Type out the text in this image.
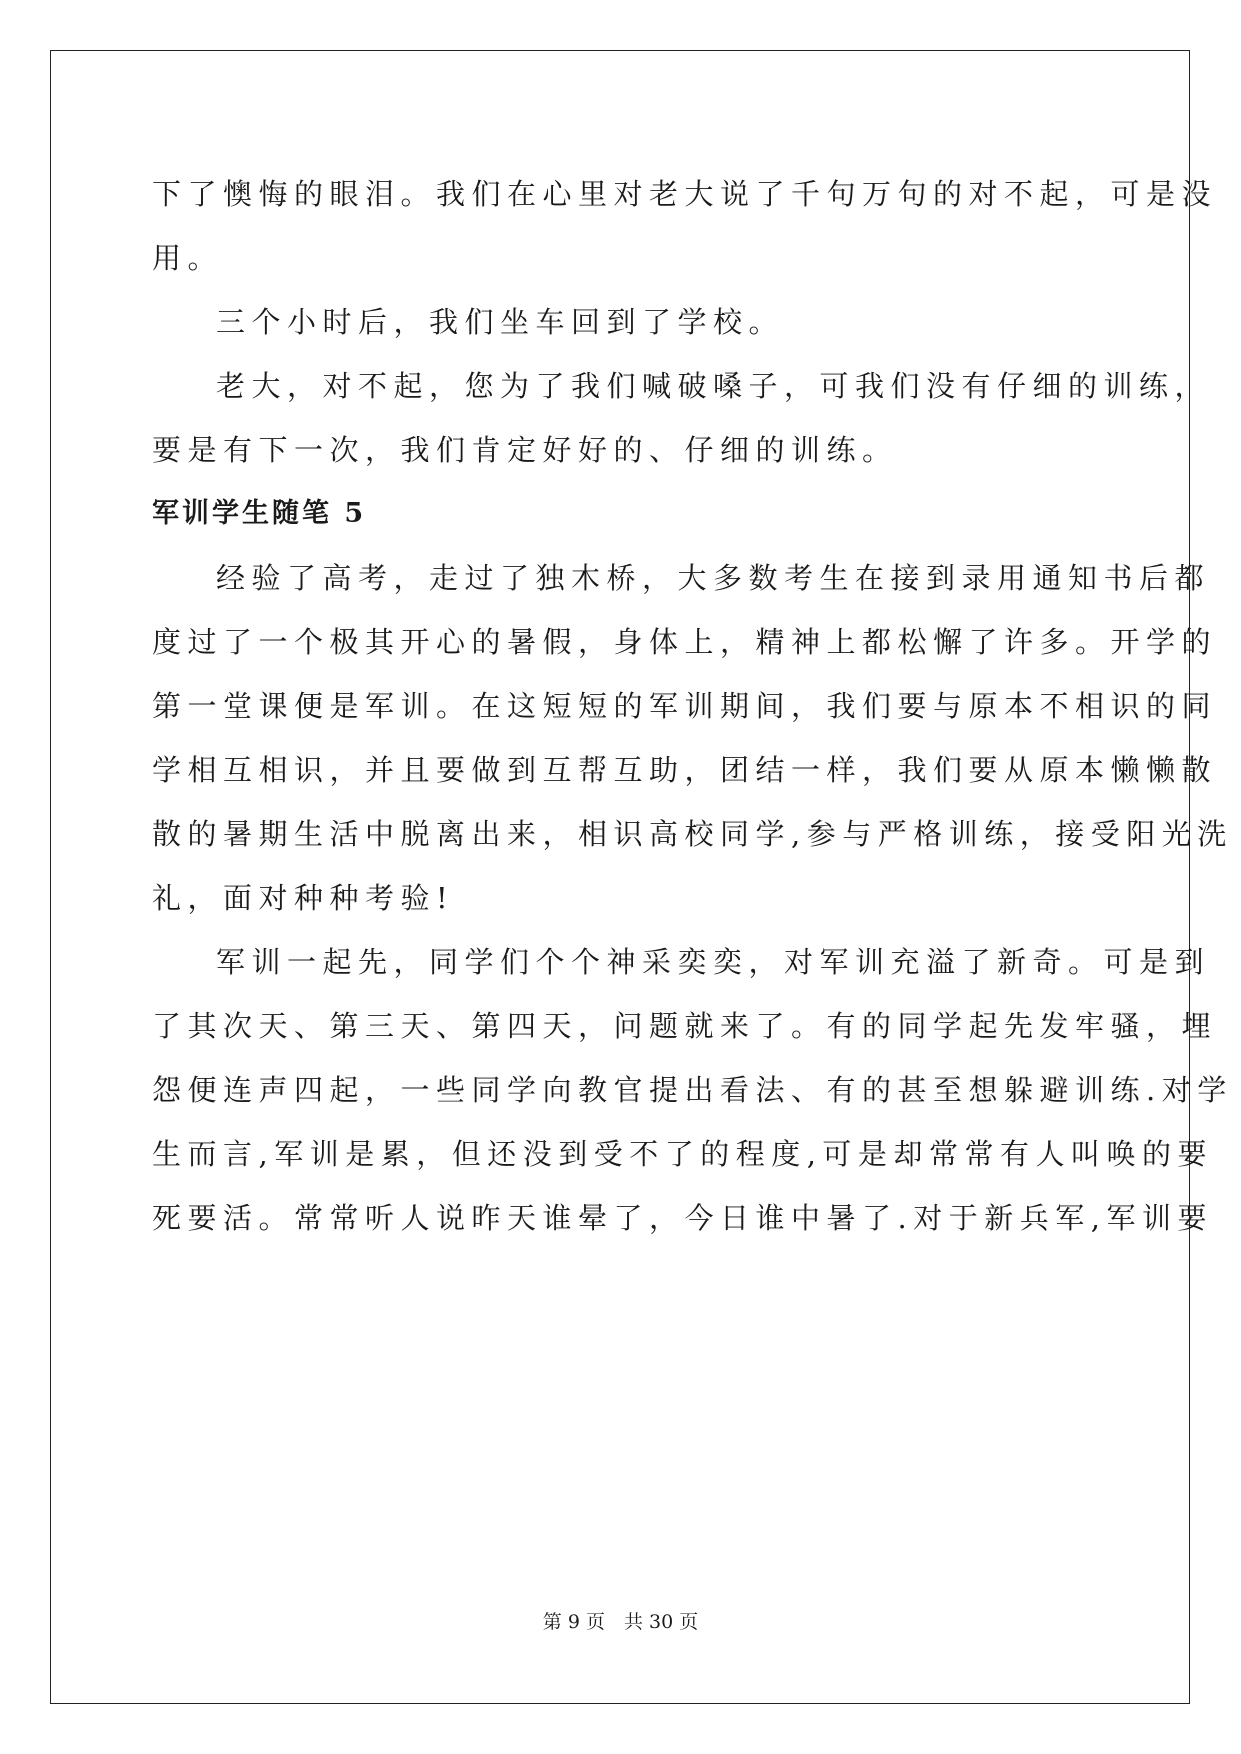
下了懊悔的眼泪。我们在心里对老大说了千句万句的对不起，可是没

用。

三个小时后，我们坐车回到了学校。

老大，对不起，您为了我们喊破嗓子，可我们没有仔细的训练，

要是有下一次，我们肯定好好的、仔细的训练。

军训学生随笔 5

经验了高考，走过了独木桥，大多数考生在接到录用通知书后都

度过了一个极其开心的暑假，身体上，精神上都松懈了许多。开学的

第一堂课便是军训。在这短短的军训期间，我们要与原本不相识的同

学相互相识，并且要做到互帮互助，团结一样，我们要从原本懒懒散

散的暑期生活中脱离出来，相识高校同学,参与严格训练，接受阳光洗

礼，面对种种考验!

军训一起先，同学们个个神采奕奕，对军训充溢了新奇。可是到

了其次天、第三天、第四天，问题就来了。有的同学起先发牢骚，埋

怨便连声四起，一些同学向教官提出看法、有的甚至想躲避训练.对学

生而言,军训是累，但还没到受不了的程度,可是却常常有人叫唤的要

死要活。常常听人说昨天谁晕了，今日谁中暑了.对于新兵军,军训要

第 9 页　共 30 页
